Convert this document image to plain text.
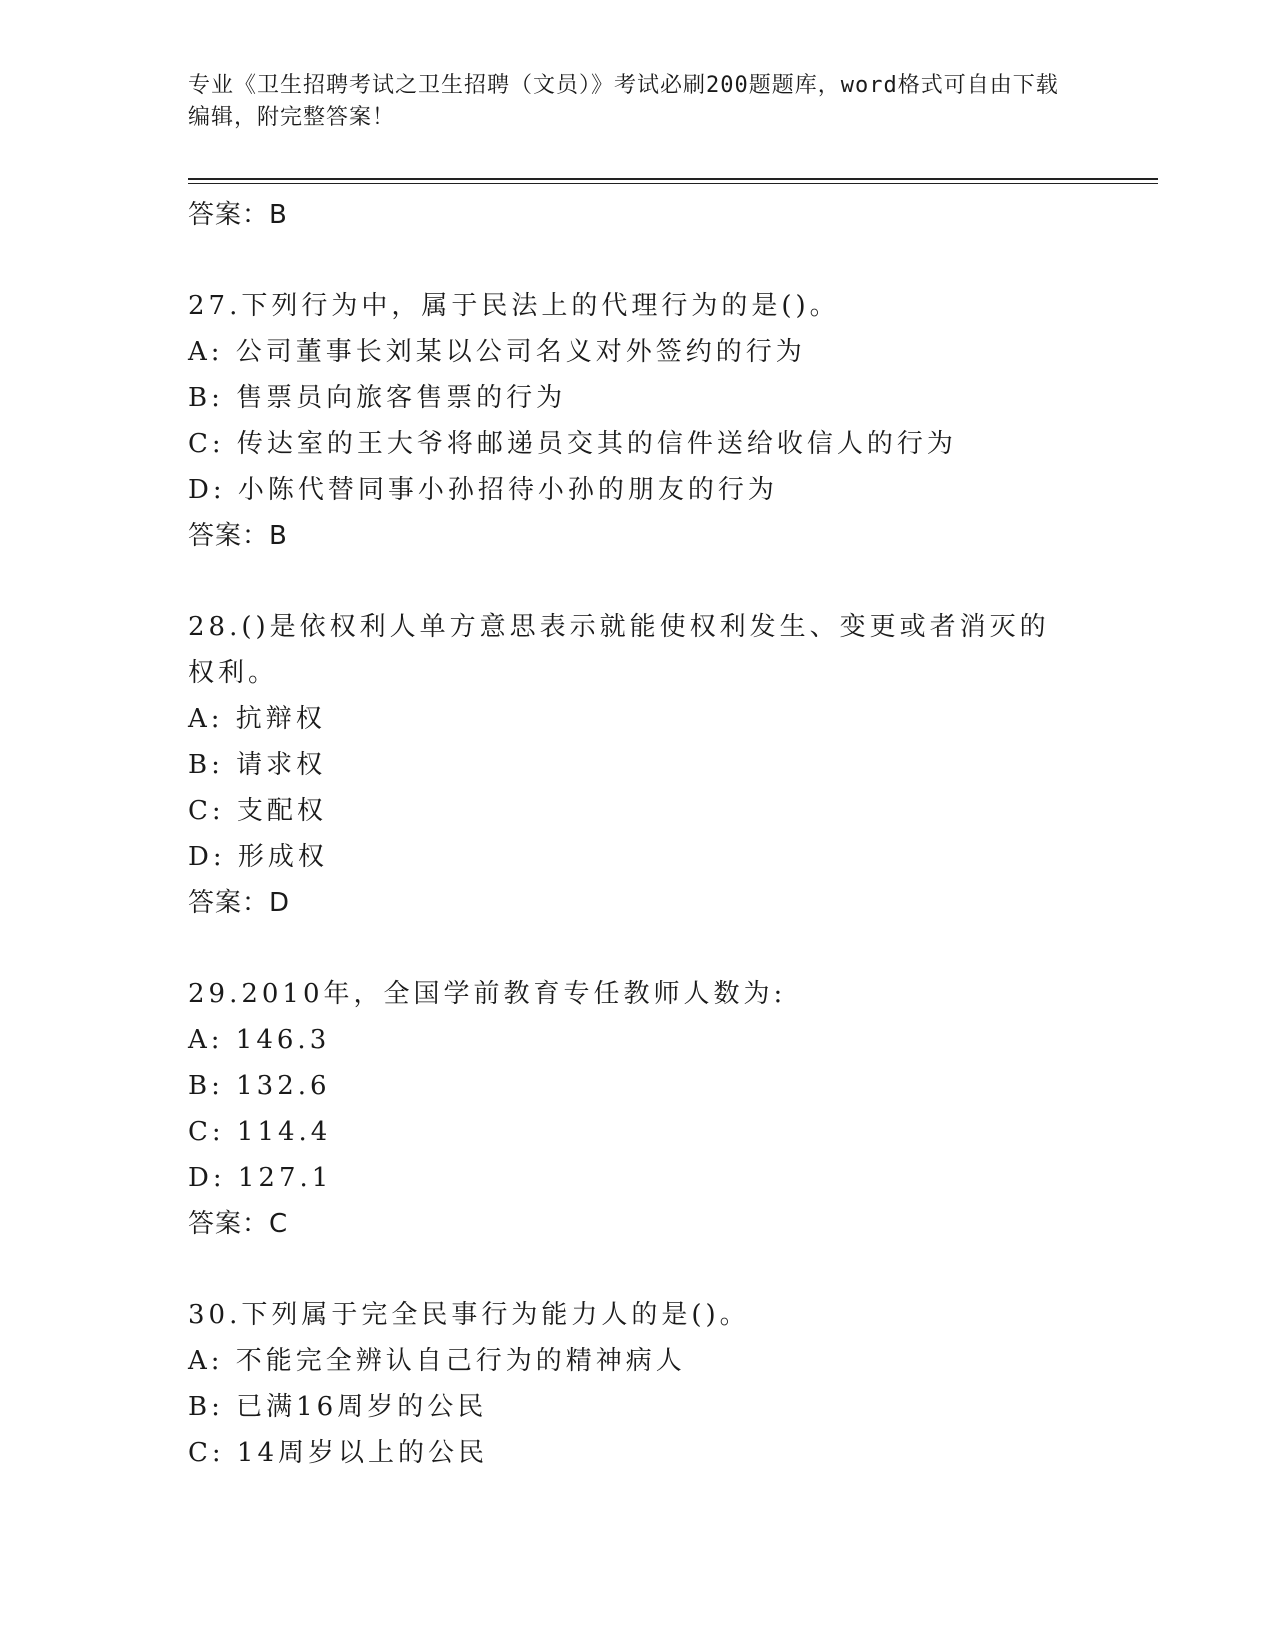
专业《卫生招聘考试之卫生招聘（文员）》考试必刷200题题库，word格式可自由下载编辑，附完整答案！
答案：B
27.下列行为中，属于民法上的代理行为的是()。
A: 公司董事长刘某以公司名义对外签约的行为
B: 售票员向旅客售票的行为
C: 传达室的王大爷将邮递员交其的信件送给收信人的行为
D: 小陈代替同事小孙招待小孙的朋友的行为
答案：B
28.()是依权利人单方意思表示就能使权利发生、变更或者消灭的权利。
A: 抗辩权
B: 请求权
C: 支配权
D: 形成权
答案：D
29.2010年，全国学前教育专任教师人数为:
A: 146.3
B: 132.6
C: 114.4
D: 127.1
答案：C
30.下列属于完全民事行为能力人的是()。
A: 不能完全辨认自己行为的精神病人
B: 已满16周岁的公民
C: 14周岁以上的公民
